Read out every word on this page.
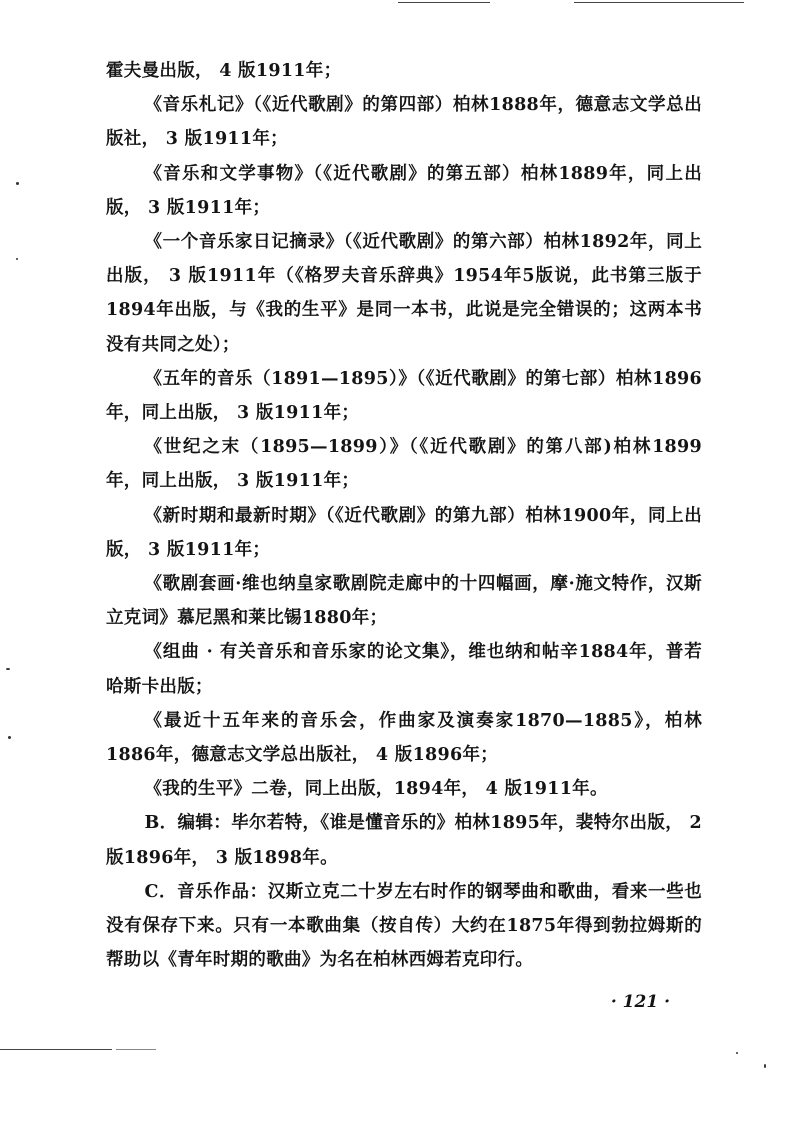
霍夫曼出版， 4 版1911年；

《音乐札记》（《近代歌剧》的第四部）柏林1888年，德意志文学总出版社， 3 版1911年；

《音乐和文学事物》（《近代歌剧》的第五部）柏林1889年，同上出版， 3 版1911年；

《一个音乐家日记摘录》（《近代歌剧》的第六部）柏林1892年，同上出版， 3 版1911年（《格罗夫音乐辞典》1954年5版说，此书第三版于1894年出版，与《我的生平》是同一本书，此说是完全错误的；这两本书没有共同之处）；

《五年的音乐（1891—1895）》（《近代歌剧》的第七部）柏林1896年，同上出版， 3 版1911年；

《世纪之末（1895—1899）》（《近代歌剧》的第八部)柏林1899年，同上出版， 3 版1911年；

《新时期和最新时期》（《近代歌剧》的第九部）柏林1900年，同上出版， 3 版1911年；

《歌剧套画·维也纳皇家歌剧院走廊中的十四幅画，摩·施文特作，汉斯立克词》慕尼黑和莱比锡1880年；

《组曲 · 有关音乐和音乐家的论文集》，维也纳和帖辛1884年，普若哈斯卡出版；

《最近十五年来的音乐会，作曲家及演奏家1870—1885》，柏林1886年，德意志文学总出版社， 4 版1896年；

《我的生平》二卷，同上出版，1894年， 4 版1911年。

B．编辑：毕尔若特，《谁是懂音乐的》柏林1895年，裴特尔出版， 2 版1896年， 3 版1898年。

C．音乐作品：汉斯立克二十岁左右时作的钢琴曲和歌曲，看来一些也没有保存下来。只有一本歌曲集（按自传）大约在1875年得到勃拉姆斯的帮助以《青年时期的歌曲》为名在柏林西姆若克印行。

· 121 ·
